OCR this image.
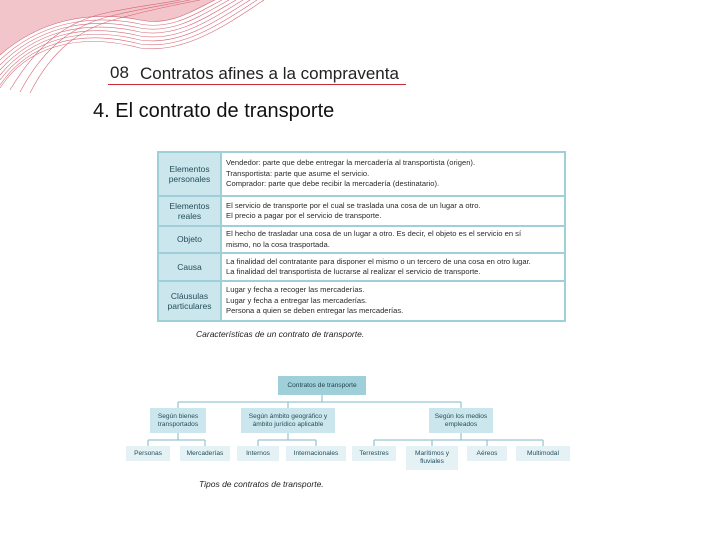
08 Contratos afines a la compraventa
4. El contrato de transporte
Elementos personales
Vendedor: parte que debe entregar la mercadería al transportista (origen).
Transportista: parte que asume el servicio.
Comprador: parte que debe recibir la mercadería (destinatario).
Elementos reales
El servicio de transporte por el cual se traslada una cosa de un lugar a otro.
El precio a pagar por el servicio de transporte.
Objeto
El hecho de trasladar una cosa de un lugar a otro. Es decir, el objeto es el servicio en sí
mismo, no la cosa trasportada.
Causa
La finalidad del contratante para disponer el mismo o un tercero de una cosa en otro lugar.
La finalidad del transportista de lucrarse al realizar el servicio de transporte.
Cláusulas particulares
Lugar y fecha a recoger las mercaderías.
Lugar y fecha a entregar las mercaderías.
Persona a quien se deben entregar las mercaderías.
Características de un contrato de transporte.
Contratos de transporte
Según bienes transportados
Según ámbito geográfico y ámbito jurídico aplicable
Según los medios empleados
Personas	Mercaderías	Internos	Internacionales	Terrestres	Marítimos y fluviales
Aéreos	Multimodal
Tipos de contratos de transporte.
